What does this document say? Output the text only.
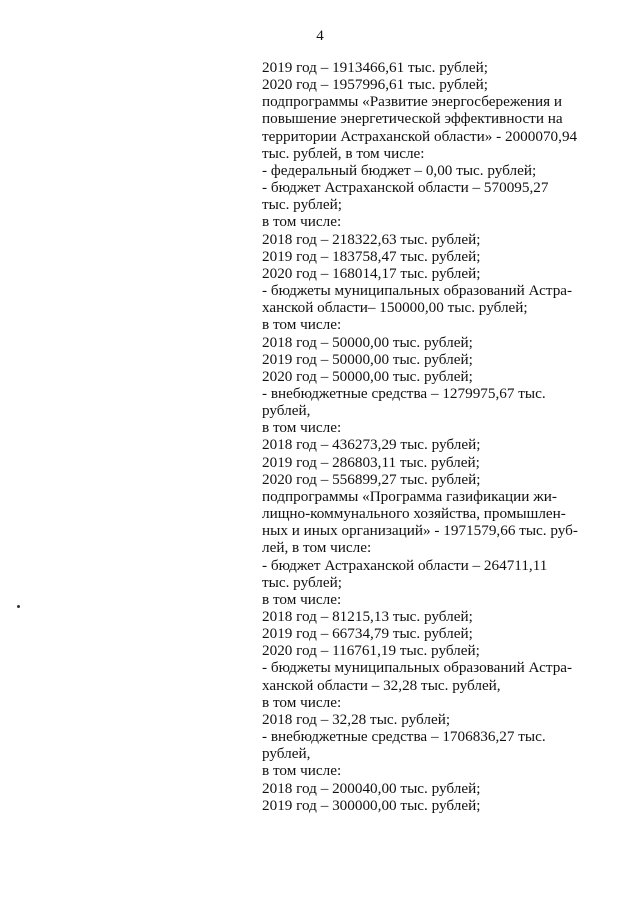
4
2019 год – 1913466,61 тыс. рублей;
2020 год – 1957996,61 тыс. рублей;
подпрограммы «Развитие энергосбережения и
повышение энергетической эффективности на
территории Астраханской области» - 2000070,94
тыс. рублей, в том числе:
- федеральный бюджет – 0,00 тыс. рублей;
- бюджет Астраханской области – 570095,27
тыс. рублей;
в том числе:
2018 год – 218322,63 тыс. рублей;
2019 год – 183758,47 тыс. рублей;
2020 год – 168014,17 тыс. рублей;
- бюджеты муниципальных образований Астра-
ханской области– 150000,00 тыс. рублей;
в том числе:
2018 год – 50000,00 тыс. рублей;
2019 год – 50000,00 тыс. рублей;
2020 год – 50000,00 тыс. рублей;
- внебюджетные средства – 1279975,67 тыс.
рублей,
в том числе:
2018 год – 436273,29 тыс. рублей;
2019 год – 286803,11 тыс. рублей;
2020 год – 556899,27 тыс. рублей;
подпрограммы «Программа газификации жи-
лищно-коммунального хозяйства, промышлен-
ных и иных организаций» - 1971579,66 тыс. руб-
лей, в том числе:
- бюджет Астраханской области – 264711,11
тыс. рублей;
в том числе:
2018 год – 81215,13 тыс. рублей;
2019 год – 66734,79 тыс. рублей;
2020 год – 116761,19 тыс. рублей;
- бюджеты муниципальных образований Астра-
ханской области – 32,28 тыс. рублей,
в том числе:
2018 год – 32,28 тыс. рублей;
- внебюджетные средства – 1706836,27 тыс.
рублей,
в том числе:
2018 год – 200040,00 тыс. рублей;
2019 год – 300000,00 тыс. рублей;
